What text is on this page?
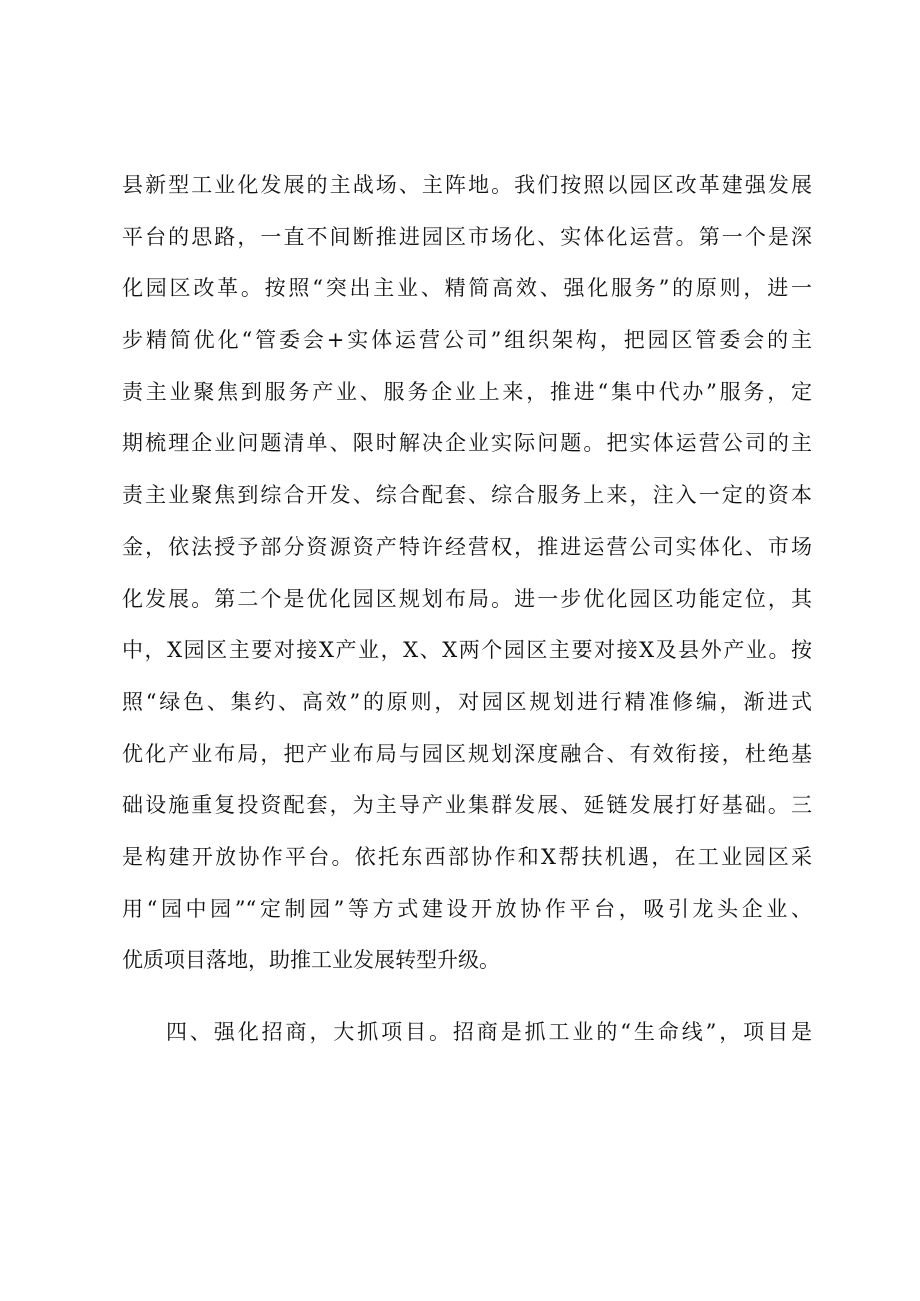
县新型工业化发展的主战场、主阵地。我们按照以园区改革建强发展
平台的思路，一直不间断推进园区市场化、实体化运营。第一个是深
化园区改革。按照“突出主业、精简高效、强化服务”的原则，进一
步精简优化“管委会+实体运营公司”组织架构，把园区管委会的主
责主业聚焦到服务产业、服务企业上来，推进“集中代办”服务，定
期梳理企业问题清单、限时解决企业实际问题。把实体运营公司的主
责主业聚焦到综合开发、综合配套、综合服务上来，注入一定的资本
金，依法授予部分资源资产特许经营权，推进运营公司实体化、市场
化发展。第二个是优化园区规划布局。进一步优化园区功能定位，其
中，X园区主要对接X产业，X、X两个园区主要对接X及县外产业。按
照“绿色、集约、高效”的原则，对园区规划进行精准修编，渐进式
优化产业布局，把产业布局与园区规划深度融合、有效衔接，杜绝基
础设施重复投资配套，为主导产业集群发展、延链发展打好基础。三
是构建开放协作平台。依托东西部协作和X帮扶机遇，在工业园区采
用“园中园”“定制园”等方式建设开放协作平台，吸引龙头企业、
优质项目落地，助推工业发展转型升级。
四、强化招商，大抓项目。招商是抓工业的“生命线”，项目是
